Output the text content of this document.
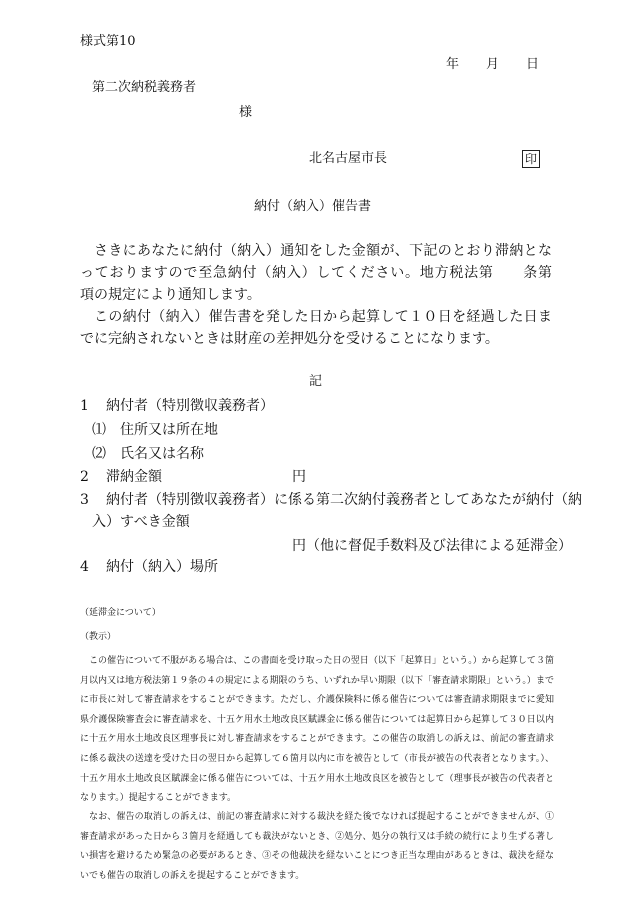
様式第10
年 月 日
第二次納税義務者
様
北名古屋市長	印
納付（納入）催告書
さきにあなたに納付（納入）通知をした金額が、下記のとおり滞納となっておりますので至急納付（納入）してください。地方税法第　　条第　　項の規定により通知します。
この納付（納入）催告書を発した日から起算して１０日を経過した日までに完納されないときは財産の差押処分を受けることになります。
記
1 納付者（特別徴収義務者）
⑴ 住所又は所在地
⑵ 氏名又は名称
2 滞納金額	円
3 納付者（特別徴収義務者）に係る第二次納付義務者としてあなたが納付（納
入）すべき金額
円（他に督促手数料及び法律による延滞金）
4 納付（納入）場所
（延滞金について）
（教示）
この催告について不服がある場合は、この書面を受け取った日の翌日（以下「起算日」という。）から起算して３箇月以内又は地方税法第１９条の４の規定による期限のうち、いずれか早い期限（以下「審査請求期限」という。）までに市長に対して審査請求をすることができます。ただし、介護保険料に係る催告については審査請求期限までに愛知県介護保険審査会に審査請求を、十五ケ用水土地改良区賦課金に係る催告については起算日から起算して３０日以内に十五ケ用水土地改良区理事長に対し審査請求をすることができます。この催告の取消しの訴えは、前記の審査請求に係る裁決の送達を受けた日の翌日から起算して６箇月以内に市を被告として（市長が被告の代表者となります。）、十五ケ用水土地改良区賦課金に係る催告については、十五ケ用水土地改良区を被告として（理事長が被告の代表者となります。）提起することができます。
なお、催告の取消しの訴えは、前記の審査請求に対する裁決を経た後でなければ提起することができませんが、①審査請求があった日から３箇月を経過しても裁決がないとき、②処分、処分の執行又は手続の続行により生ずる著しい損害を避けるため緊急の必要があるとき、③その他裁決を経ないことにつき正当な理由があるときは、裁決を経ないでも催告の取消しの訴えを提起することができます。
